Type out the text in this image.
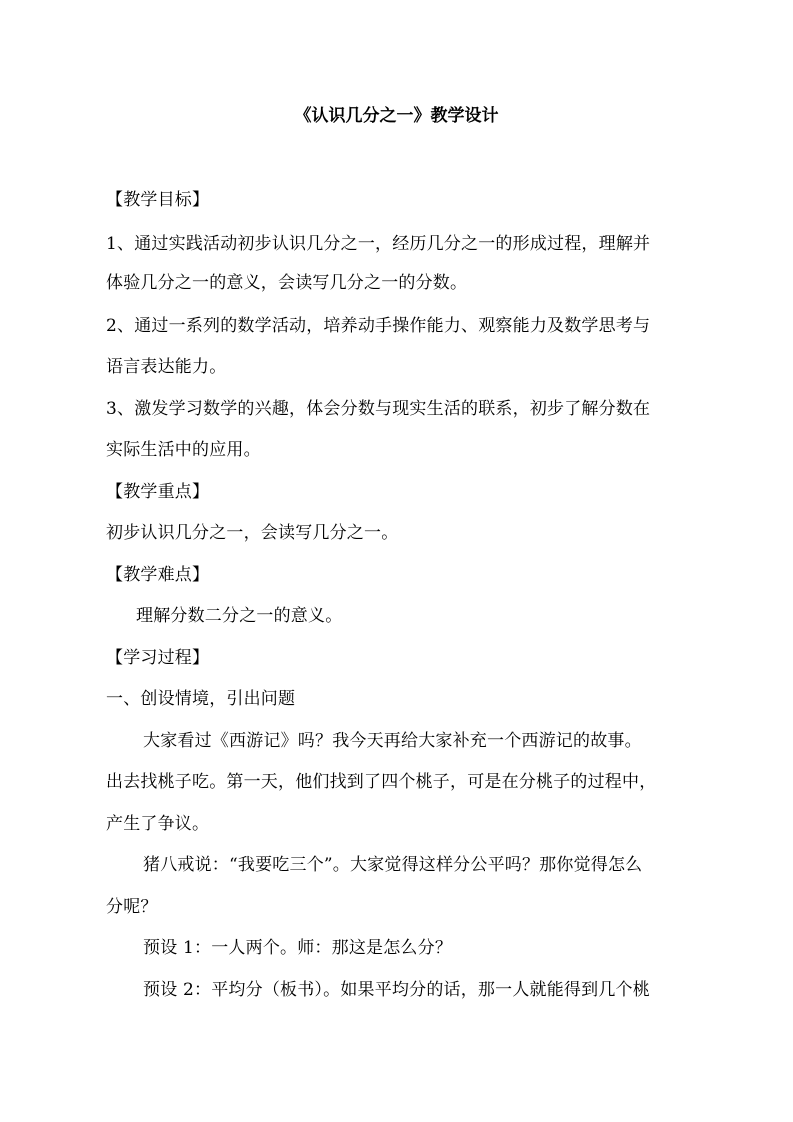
《认识几分之一》教学设计
【教学目标】
1、通过实践活动初步认识几分之一，经历几分之一的形成过程，理解并
体验几分之一的意义，会读写几分之一的分数。
2、通过一系列的数学活动，培养动手操作能力、观察能力及数学思考与
语言表达能力。
3、激发学习数学的兴趣，体会分数与现实生活的联系，初步了解分数在
实际生活中的应用。
【教学重点】
初步认识几分之一，会读写几分之一。
【教学难点】
理解分数二分之一的意义。
【学习过程】
一、创设情境，引出问题
大家看过《西游记》吗？我今天再给大家补充一个西游记的故事。
出去找桃子吃。第一天，他们找到了四个桃子，可是在分桃子的过程中，
产生了争议。
猪八戒说：“我要吃三个”。大家觉得这样分公平吗？那你觉得怎么
分呢？
预设 1：一人两个。师：那这是怎么分？
预设 2：平均分（板书）。如果平均分的话，那一人就能得到几个桃
